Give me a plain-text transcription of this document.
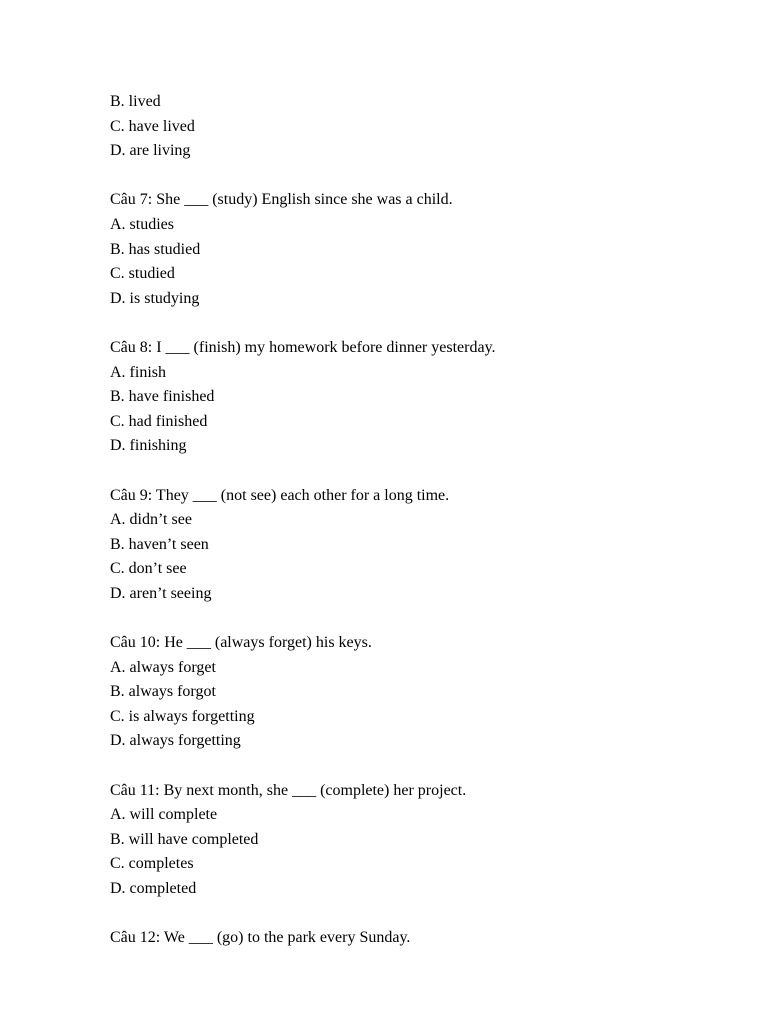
B. lived
C. have lived
D. are living
Câu 7: She ___ (study) English since she was a child.
A. studies
B. has studied
C. studied
D. is studying
Câu 8: I ___ (finish) my homework before dinner yesterday.
A. finish
B. have finished
C. had finished
D. finishing
Câu 9: They ___ (not see) each other for a long time.
A. didn’t see
B. haven’t seen
C. don’t see
D. aren’t seeing
Câu 10: He ___ (always forget) his keys.
A. always forget
B. always forgot
C. is always forgetting
D. always forgetting
Câu 11: By next month, she ___ (complete) her project.
A. will complete
B. will have completed
C. completes
D. completed
Câu 12: We ___ (go) to the park every Sunday.
